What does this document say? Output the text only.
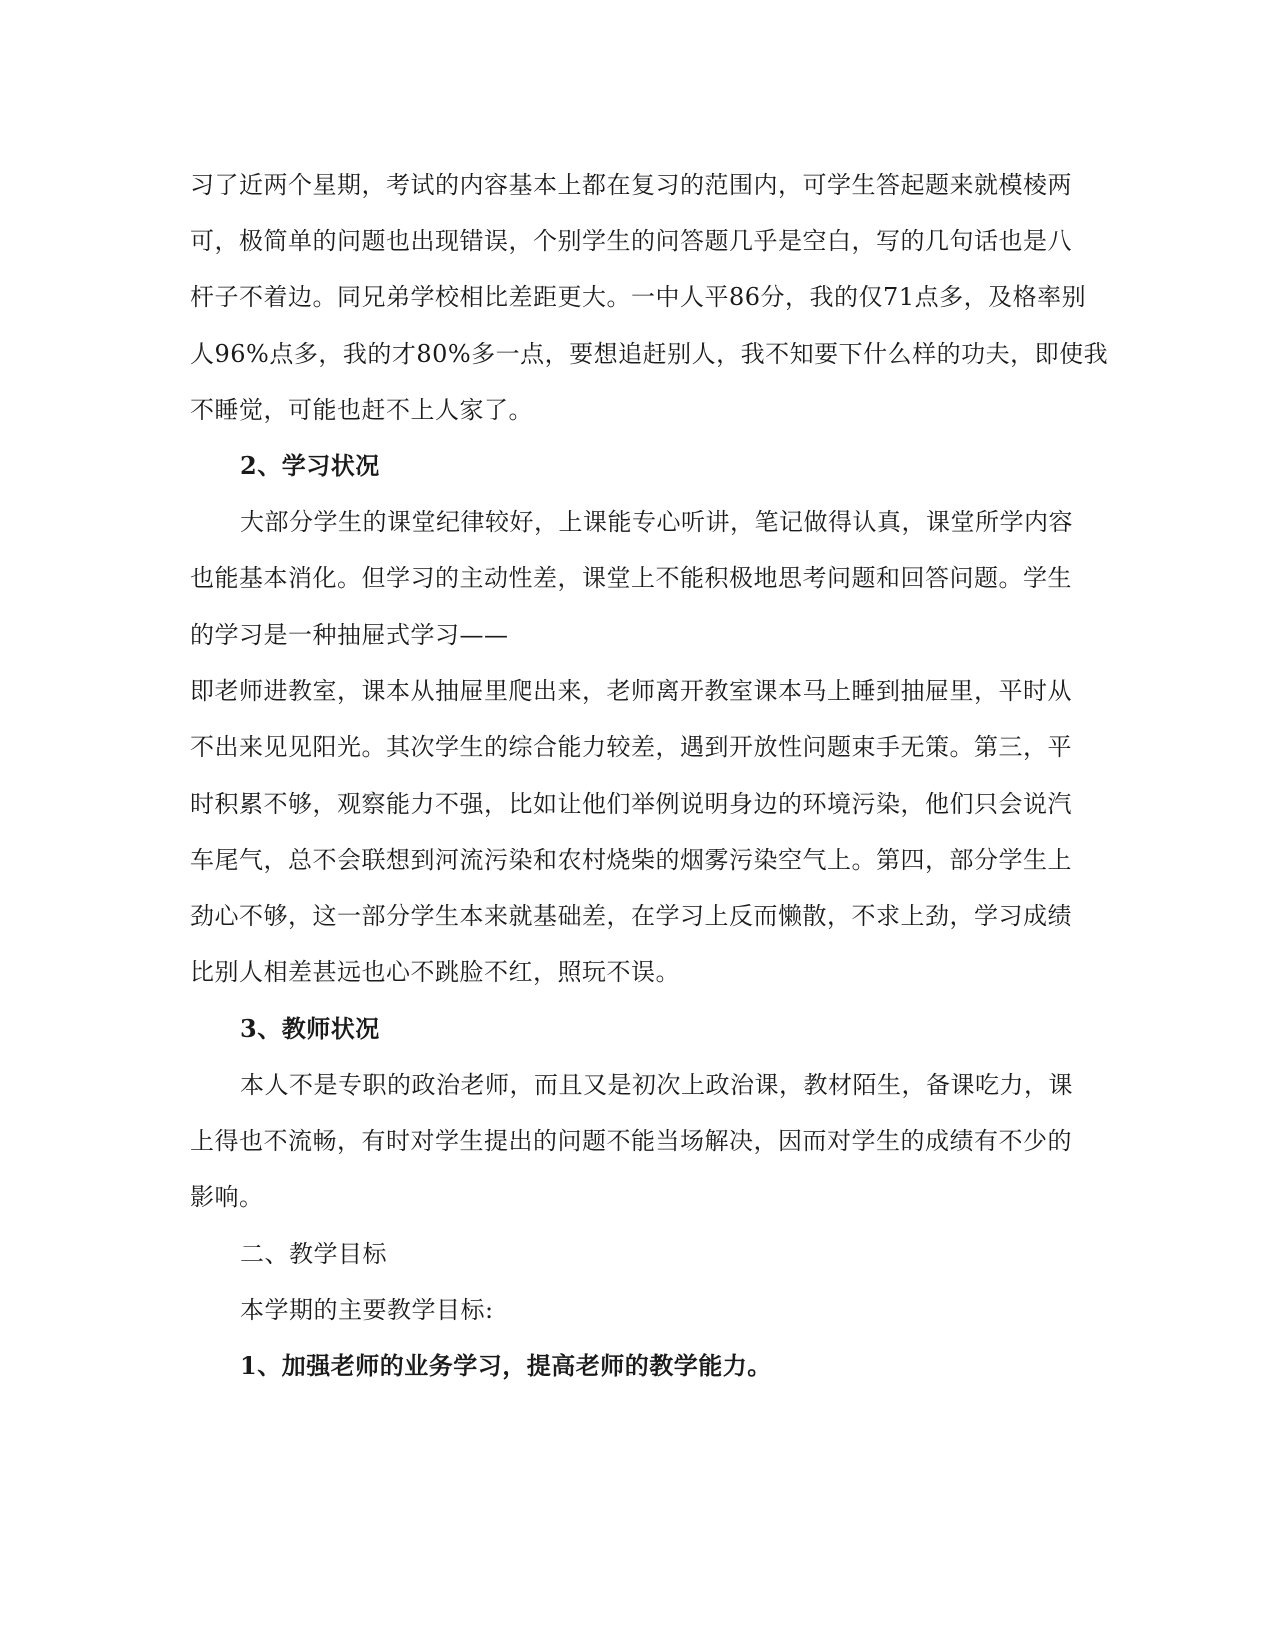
习了近两个星期，考试的内容基本上都在复习的范围内，可学生答起题来就模棱两
可，极简单的问题也出现错误，个别学生的问答题几乎是空白，写的几句话也是八
杆子不着边。同兄弟学校相比差距更大。一中人平86分，我的仅71点多，及格率别
人96%点多，我的才80%多一点，要想追赶别人，我不知要下什么样的功夫，即使我
不睡觉，可能也赶不上人家了。
2、学习状况
大部分学生的课堂纪律较好，上课能专心听讲，笔记做得认真，课堂所学内容
也能基本消化。但学习的主动性差，课堂上不能积极地思考问题和回答问题。学生
的学习是一种抽屉式学习——
即老师进教室，课本从抽屉里爬出来，老师离开教室课本马上睡到抽屉里，平时从
不出来见见阳光。其次学生的综合能力较差，遇到开放性问题束手无策。第三，平
时积累不够，观察能力不强，比如让他们举例说明身边的环境污染，他们只会说汽
车尾气，总不会联想到河流污染和农村烧柴的烟雾污染空气上。第四，部分学生上
劲心不够，这一部分学生本来就基础差，在学习上反而懒散，不求上劲，学习成绩
比别人相差甚远也心不跳脸不红，照玩不误。
3、教师状况
本人不是专职的政治老师，而且又是初次上政治课，教材陌生，备课吃力，课
上得也不流畅，有时对学生提出的问题不能当场解决，因而对学生的成绩有不少的
影响。
二、教学目标
本学期的主要教学目标:
1、加强老师的业务学习，提高老师的教学能力。
